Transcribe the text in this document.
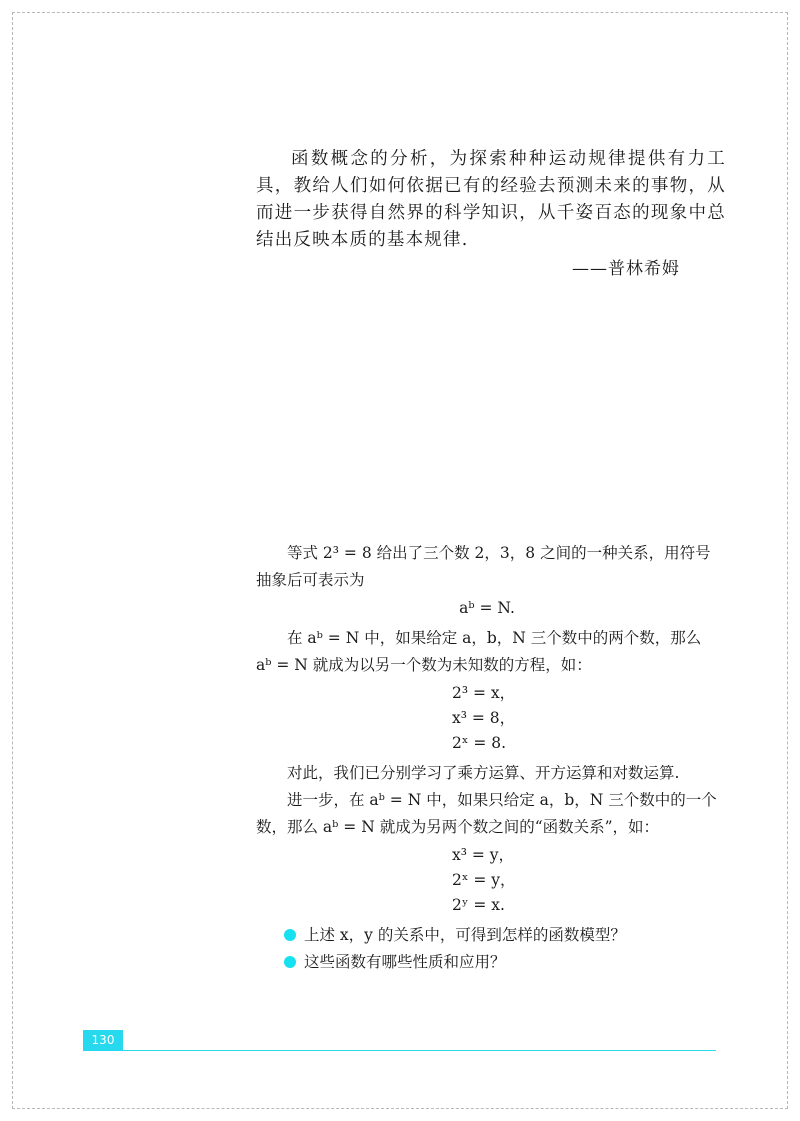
函数概念的分析，为探索种种运动规律提供有力工具，教给人们如何依据已有的经验去预测未来的事物，从而进一步获得自然界的科学知识，从千姿百态的现象中总结出反映本质的基本规律.

——普林希姆

等式 2³ = 8 给出了三个数 2，3，8 之间的一种关系，用符号抽象后可表示为

aᵇ = N.

在 aᵇ = N 中，如果给定 a，b，N 三个数中的两个数，那么 aᵇ = N 就成为以另一个数为未知数的方程，如：

2³ = x，
x³ = 8，
2ˣ = 8.

对此，我们已分别学习了乘方运算、开方运算和对数运算.

进一步，在 aᵇ = N 中，如果只给定 a，b，N 三个数中的一个数，那么 aᵇ = N 就成为另两个数之间的“函数关系”，如：

x³ = y，
2ˣ = y，
2ʸ = x.
上述 x，y 的关系中，可得到怎样的函数模型？
这些函数有哪些性质和应用？
130
